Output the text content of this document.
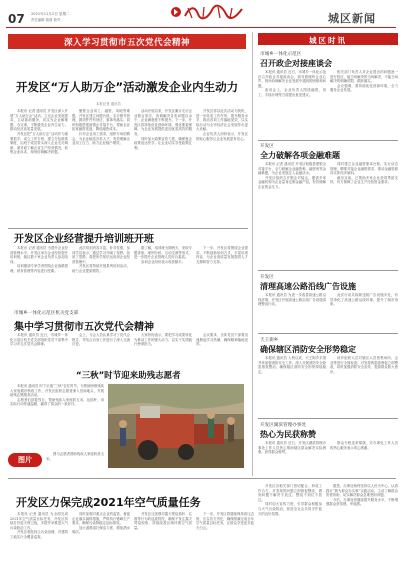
07 2021年11月2日 星期二
责任编辑 版面 校对	城区新闻
深入学习贯彻市五次党代会精神
开发区“万人助万企”活动激发企业内生动力
本报记者 通讯员

本报讯 记者 通讯员 开发区深入开展“万人助万企”活动，立足企业发展需求，主动靠前服务，切实为企业解难题、办实事，不断激发企业内生动力，推动经济高质量发展。

开发区把“万人助万企”活动作为重要抓手，成立工作专班，建立分包联系制度，由班子成员带头深入企业走访调研，面对面了解企业生产经营情况，收集企业诉求，现场协调解决问题。

聚焦企业用工、融资、用地等难题，开发区建立问题台账，实行销号管理，做到件件有回应、事事有落实。同时积极搭建政银企对接平台，帮助企业拓宽融资渠道，降低融资成本。

针对企业用工需求，组织专场招聘会，为企业输送各类人才，有效缓解企业用工压力，助力企业稳产增效。

活动开展以来，开发区累计走访企业数百家次，协调解决各类问题百余个，企业满意度不断提升。下一步，开发区将持续优化营商环境，强化要素保障，为企业发展提供更加优质高效的服务。

同时加大政策宣传力度，确保惠企政策直达快享，让企业切实享受政策红利。

开发区将以此次活动为契机，进一步转变工作作风，提升服务水平，推动各项工作落地见效，以实际行动为全市经济社会发展作出更大贡献。

企业负责人纷纷表示，开发区的贴心服务让企业发展更有信心。

开发区企业经营提升培训班开班

本报讯 记者 通讯员 为提升企业经营管理水平，开发区举办企业经营提升培训班，辖区数十家企业负责人参加培训。

培训邀请专家学者围绕企业战略管理、财务管理等内容进行授课。

此次培训内容丰富、针对性强，参训学员表示，通过学习开阔了视野，拓宽了思路，将把所学知识运用到企业经营管理中。

开发区将持续开展系列培训活动，助力企业提质增效。

据了解，培训班为期两天，采取专题讲座、案例分析、互动交流等形式，进一步提升企业管理人员综合素质。

参训企业纷纷表示收获颇丰。

下一步，开发区将围绕企业需求，不断创新培训方式，丰富培训内容，为企业高质量发展提供人才支撑和智力支持。

市城乡一体化示范区机关党支部
集中学习贯彻市五次党代会精神

本报讯 通讯员 近日，市城乡一体化示范区机关党支部组织党员干部集中学习市五次党代会精神。

会上，与会人员认真学习了党代会报告，并结合自身工作进行了深入交流讨论。

大家纷纷表示，要把学习成果转化为推动工作的强大动力，以实干实绩践行使命担当。

会议要求，全体党员干部要迅速掀起学习热潮，确保精神落地见效。

“三秋”时节迎来助残志愿者

本报讯 通讯员 时下正值“三秋”农忙时节，为帮助困难残疾人家庭做好秋收工作，开发区组织志愿者深入田间地头，开展助残志愿服务活动。

志愿者们顶着烈日，帮助残疾人家庭收玉米、运秸秆，用实际行动传递温暖，赢得了群众的一致好评。

图片

图为志愿者帮助残疾人家庭收获玉米。

开发区力保完成2021年空气质量任务

本报讯 记者 通讯员 为全面完成2021年空气质量目标任务，开发区持续打好蓝天保卫战，多措并举推进大气污染防治工作。

开发区强化扬尘污染治理，对建筑工地实行全覆盖巡查。

同时加强对重点企业的监管，督促企业落实减排措施，严格执行错峰生产要求，确保污染物稳定达标排放。

加大道路清扫保洁力度，增加洒水频次。

开发区还加强对露天焚烧秸秆、垃圾等行为的巡查管控，确保不发生露天焚烧现象，持续改善区域环境空气质量。

下一步，开发区将继续保持高压态势，压实各方责任，确保圆满完成全年空气质量目标任务，让群众享受更多蓝天白云。

开发区各相关部门密切配合，形成工作合力，对发现的问题立即督促整改，做到问题不解决不放过、整改不到位不放过。

同时加大宣传力度，引导群众积极参与大气污染防治，营造全社会共同守护蓝天的良好氛围。

城区时讯
市城乡一体化示范区
召开政企对接座谈会

本报讯 通讯员 近日，市城乡一体化示范区召开政企对接座谈会，面对面倾听企业心声，现场协调解决企业发展中遇到的困难和问题。

座谈会上，企业负责人围绕融资、用工、手续办理等方面提出意见建议。

相关部门负责人对企业提出的问题逐一进行回应，能当场解决的当场解决，不能当场解决的明确时限、跟踪落实。

会议强调，要持续优化营商环境，全力服务企业发展。

开发区
全力破解各项金融难题

本报讯 记者 通讯员 开发区积极搭建银企对接平台，全力破解企业融资难、融资贵等金融难题，为企业发展注入金融活水。

开发区组织召开银企对接会，邀请多家金融机构为企业量身定制金融产品，有效缓解企业资金压力。

同时建立企业融资需求台账，实行动态管理，精准对接企业融资需求，推动金融资源向实体经济倾斜。

截至目前，已帮助多家企业获得贷款支持，有力保障了企业生产经营资金需求。

开发区
清理高速公路沿线广告设施

本报讯 通讯员 为进一步改善高速公路沿线环境，开发区开展高速公路沿线广告设施清理整治行动。

此次行动共拆除违规广告设施多处，有效净化了高速公路沿线环境，提升了城市形象。

天王街乡
确保辖区消防安全形势稳定

本报讯 通讯员 入秋以来，天王街乡多措并举加强消防安全工作，深入开展消防安全隐患排查整治，确保辖区消防安全形势持续稳定。

该乡组织人员对辖区人员密集场所、企业等进行全面检查，对发现的隐患督促立即整改，同时加强消防安全宣传，提高群众防火意识。

开发区湖滨管理办事处
热心为民获称赞

本报讯 通讯员 近日，开发区湖滨管理办事处工作人员热心帮助辖区群众解决实际困难，获得群众称赞。

群众专程送来锦旗，对办事处工作人员的热心服务表示衷心感谢。

据悉，办事处始终坚持以人民为中心，认真践行“我为群众办实事”实践活动，主动了解群众所需所盼，切实解决群众急难愁盼问题。

今后，办事处将继续提升服务水平，不断增强群众获得感、幸福感。
